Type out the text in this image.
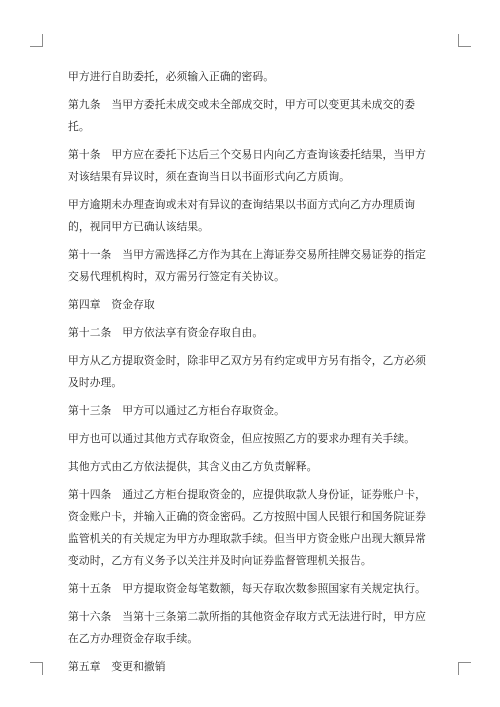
甲方进行自助委托，必须输入正确的密码。

第九条　当甲方委托未成交或未全部成交时，甲方可以变更其未成交的委托。

第十条　甲方应在委托下达后三个交易日内向乙方查询该委托结果，当甲方对该结果有异议时，须在查询当日以书面形式向乙方质询。

甲方逾期未办理查询或未对有异议的查询结果以书面方式向乙方办理质询的，视同甲方已确认该结果。

第十一条　当甲方需选择乙方作为其在上海证券交易所挂牌交易证券的指定交易代理机构时，双方需另行签定有关协议。

第四章　资金存取

第十二条　甲方依法享有资金存取自由。

甲方从乙方提取资金时，除非甲乙双方另有约定或甲方另有指令，乙方必须及时办理。

第十三条　甲方可以通过乙方柜台存取资金。

甲方也可以通过其他方式存取资金，但应按照乙方的要求办理有关手续。

其他方式由乙方依法提供，其含义由乙方负责解释。

第十四条　通过乙方柜台提取资金的，应提供取款人身份证，证券账户卡，资金账户卡，并输入正确的资金密码。乙方按照中国人民银行和国务院证券监管机关的有关规定为甲方办理取款手续。但当甲方资金账户出现大额异常变动时，乙方有义务予以关注并及时向证券监督管理机关报告。

第十五条　甲方提取资金每笔数额，每天存取次数参照国家有关规定执行。

第十六条　当第十三条第二款所指的其他资金存取方式无法进行时，甲方应在乙方办理资金存取手续。

第五章　变更和撤销
